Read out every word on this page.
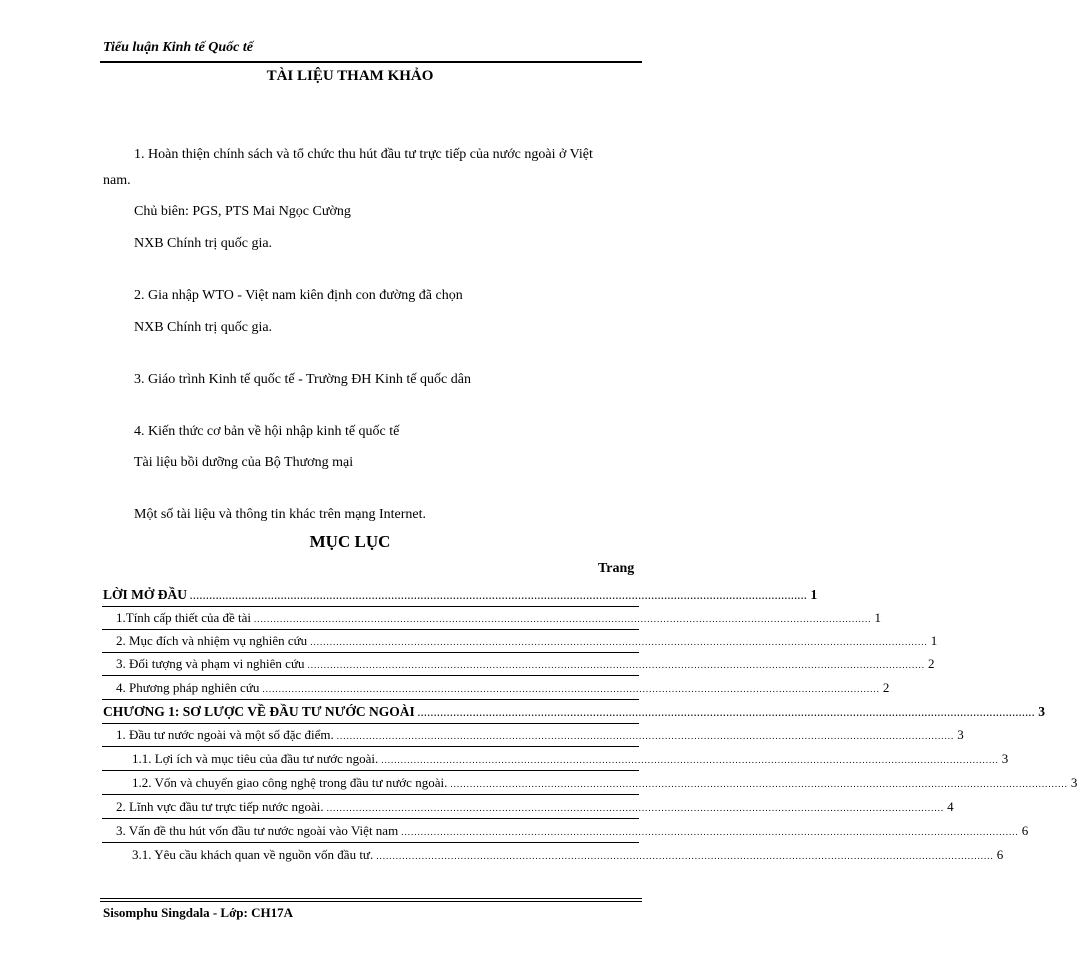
Tiểu luận Kinh tế Quốc tế
TÀI LIỆU THAM KHẢO
1. Hoàn thiện chính sách và tổ chức thu hút đầu tư trực tiếp của nước ngoài ở Việt
nam.
Chủ biên: PGS, PTS Mai Ngọc Cường
NXB Chính trị quốc gia.
2. Gia nhập WTO - Việt nam kiên định con đường đã chọn
NXB Chính trị quốc gia.
3. Giáo trình Kinh tế quốc tế - Trường ĐH Kinh tế quốc dân
4. Kiến thức cơ bản về hội nhập kinh tế quốc tế
Tài liệu bồi dưỡng của Bộ Thương mại
Một số tài liệu và thông tin khác trên mạng Internet.
MỤC LỤC
Trang
LỜI MỞ ĐẦU .............................................................................................................................................................................................. 1
1.Tính cấp thiết của đề tài .............................................................................................................................................................................................. 1
2. Mục đích và nhiệm vụ nghiên cứu .............................................................................................................................................................................................. 1
3. Đối tượng và phạm vi nghiên cứu .............................................................................................................................................................................................. 2
4. Phương pháp nghiên cứu .............................................................................................................................................................................................. 2
CHƯƠNG 1: SƠ LƯỢC VỀ ĐẦU TƯ NƯỚC NGOÀI .............................................................................................................................................................................................. 3
1. Đầu tư nước ngoài và một số đặc điểm. .............................................................................................................................................................................................. 3
1.1. Lợi ích và mục tiêu của đầu tư nước ngoài. .............................................................................................................................................................................................. 3
1.2. Vốn và chuyển giao công nghệ trong đầu tư nước ngoài. .............................................................................................................................................................................................. 3
2. Lĩnh vực đầu tư trực tiếp nước ngoài. .............................................................................................................................................................................................. 4
3. Vấn đề thu hút vốn đầu tư nước ngoài vào Việt nam .............................................................................................................................................................................................. 6
3.1. Yêu cầu khách quan về nguồn vốn đầu tư. .............................................................................................................................................................................................. 6
Sisomphu Singdala - Lớp: CH17A
